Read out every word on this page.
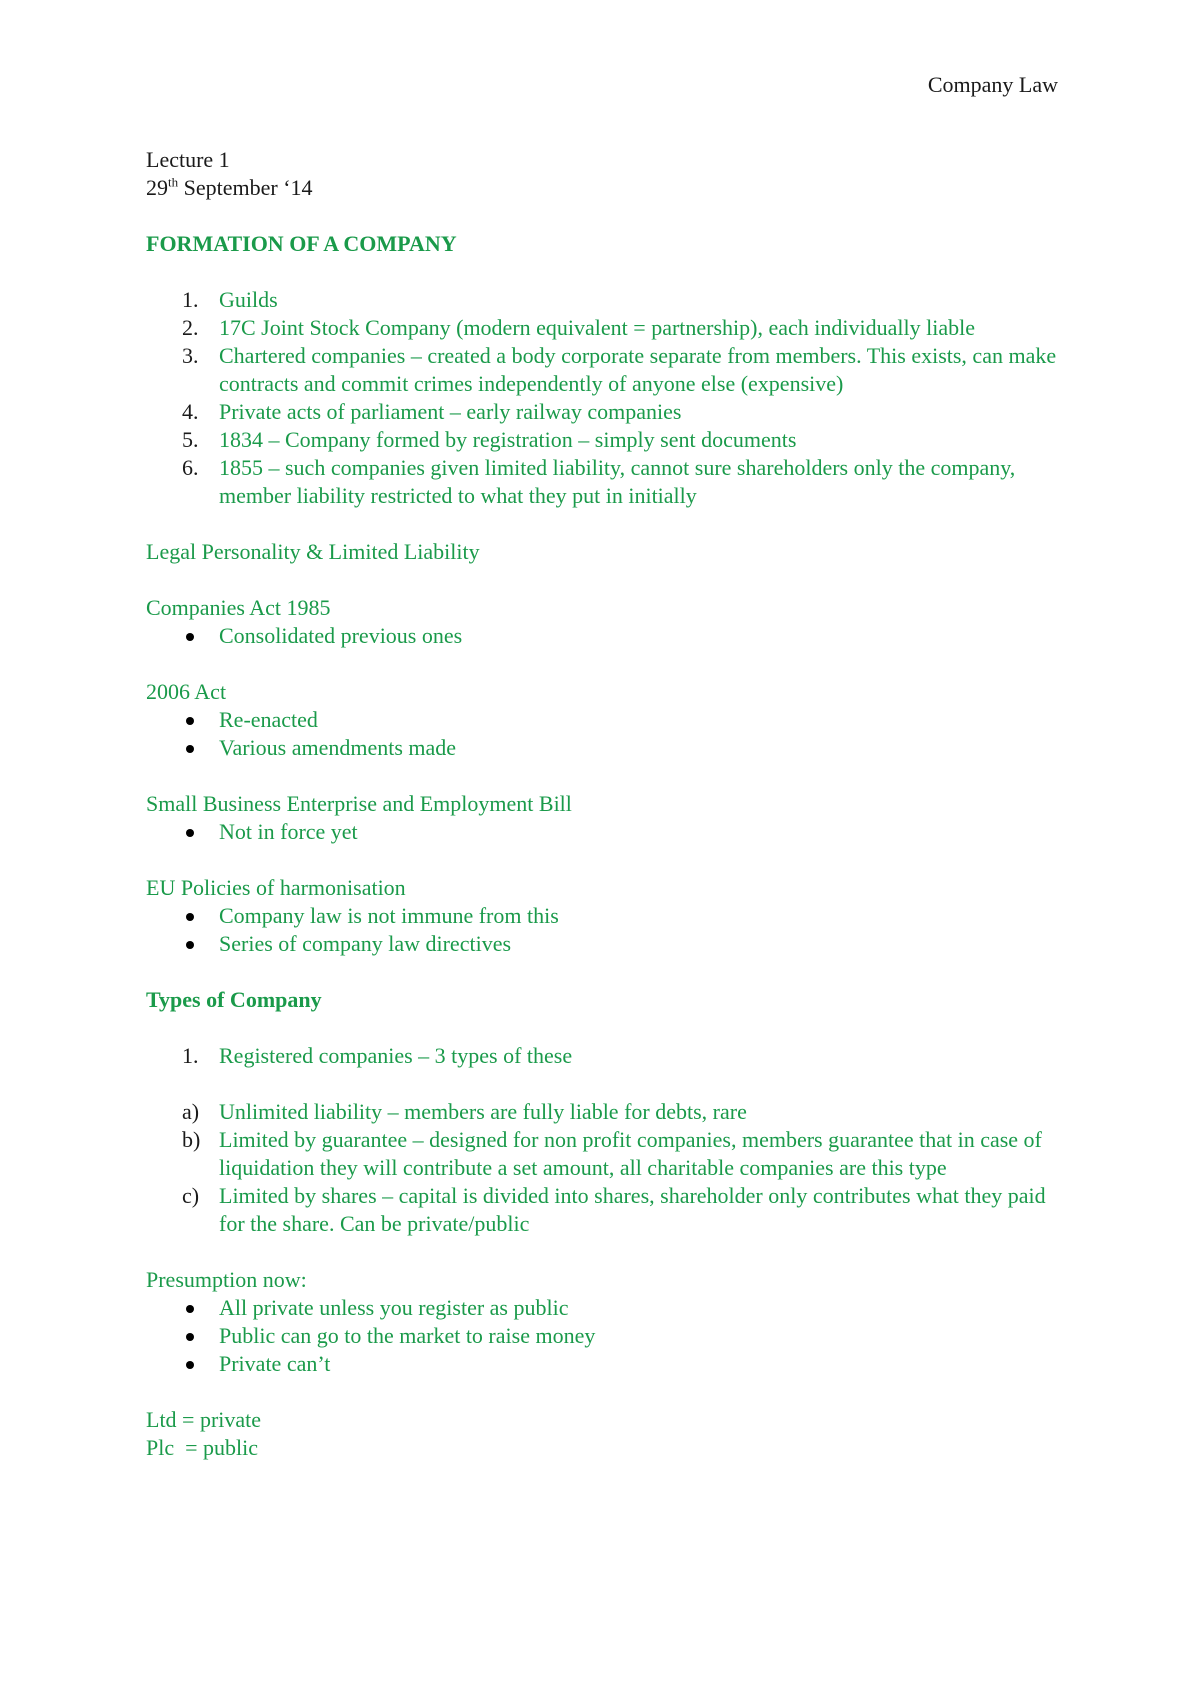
Company Law
Lecture 1
29th September ‘14
FORMATION OF A COMPANY
1. Guilds
2. 17C Joint Stock Company (modern equivalent = partnership), each individually liable
3. Chartered companies – created a body corporate separate from members. This exists, can make contracts and commit crimes independently of anyone else (expensive)
4. Private acts of parliament – early railway companies
5. 1834 – Company formed by registration – simply sent documents
6. 1855 – such companies given limited liability, cannot sure shareholders only the company, member liability restricted to what they put in initially
Legal Personality & Limited Liability
Companies Act 1985
Consolidated previous ones
2006 Act
Re-enacted
Various amendments made
Small Business Enterprise and Employment Bill
Not in force yet
EU Policies of harmonisation
Company law is not immune from this
Series of company law directives
Types of Company
1. Registered companies – 3 types of these
a) Unlimited liability – members are fully liable for debts, rare
b) Limited by guarantee – designed for non profit companies, members guarantee that in case of liquidation they will contribute a set amount, all charitable companies are this type
c) Limited by shares – capital is divided into shares, shareholder only contributes what they paid for the share. Can be private/public
Presumption now:
All private unless you register as public
Public can go to the market to raise money
Private can’t
Ltd = private
Plc  = public
